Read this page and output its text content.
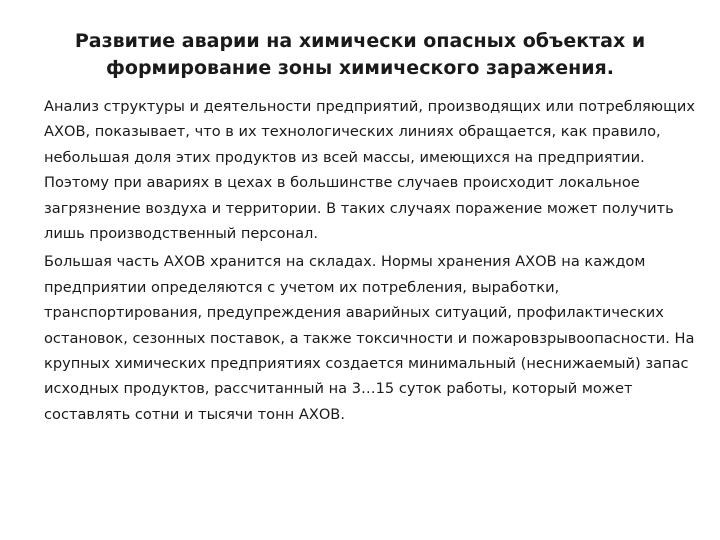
Развитие аварии на химически опасных объектах и формирование зоны химического заражения.

Анализ структуры и деятельности предприятий, производящих или потребляющих АХОВ, показывает, что в их технологических линиях обращается, как правило, небольшая доля этих продуктов из всей массы, имеющихся на предприятии. Поэтому при авариях в цехах в большинстве случаев происходит локальное загрязнение воздуха и территории. В таких случаях поражение может получить лишь производственный персонал.

Большая часть АХОВ хранится на складах. Нормы хранения АХОВ на каждом предприятии определяются с учетом их потребления, выработки, транспортирования, предупреждения аварийных ситуаций, профилактических остановок, сезонных поставок, а также токсичности и пожаровзрывоопасности. На крупных химических предприятиях создается минимальный (неснижаемый) запас исходных продуктов, рассчитанный на 3…15 суток работы, который может составлять сотни и тысячи тонн АХОВ.
